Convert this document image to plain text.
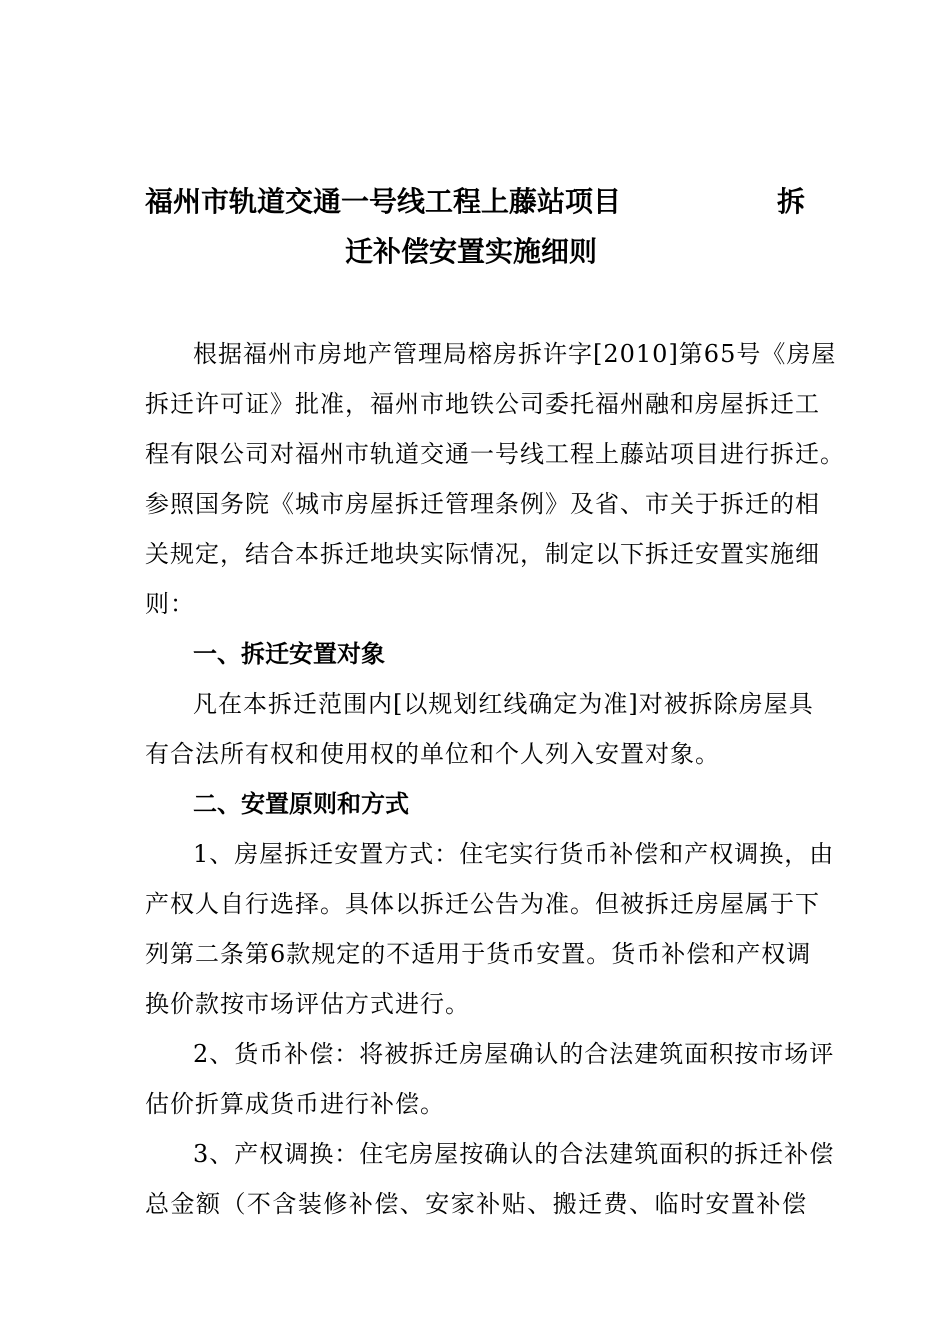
福州市轨道交通一号线工程上藤站项目	拆
迁补偿安置实施细则
根据福州市房地产管理局榕房拆许字[2010]第65号《房屋
拆迁许可证》批准，福州市地铁公司委托福州融和房屋拆迁工
程有限公司对福州市轨道交通一号线工程上藤站项目进行拆迁。
参照国务院《城市房屋拆迁管理条例》及省、市关于拆迁的相
关规定，结合本拆迁地块实际情况，制定以下拆迁安置实施细
则：
一、拆迁安置对象
凡在本拆迁范围内[以规划红线确定为准]对被拆除房屋具
有合法所有权和使用权的单位和个人列入安置对象。
二、安置原则和方式
1、房屋拆迁安置方式：住宅实行货币补偿和产权调换，由
产权人自行选择。具体以拆迁公告为准。但被拆迁房屋属于下
列第二条第6款规定的不适用于货币安置。货币补偿和产权调
换价款按市场评估方式进行。
2、货币补偿：将被拆迁房屋确认的合法建筑面积按市场评
估价折算成货币进行补偿。
3、产权调换：住宅房屋按确认的合法建筑面积的拆迁补偿
总金额（不含装修补偿、安家补贴、搬迁费、临时安置补偿
